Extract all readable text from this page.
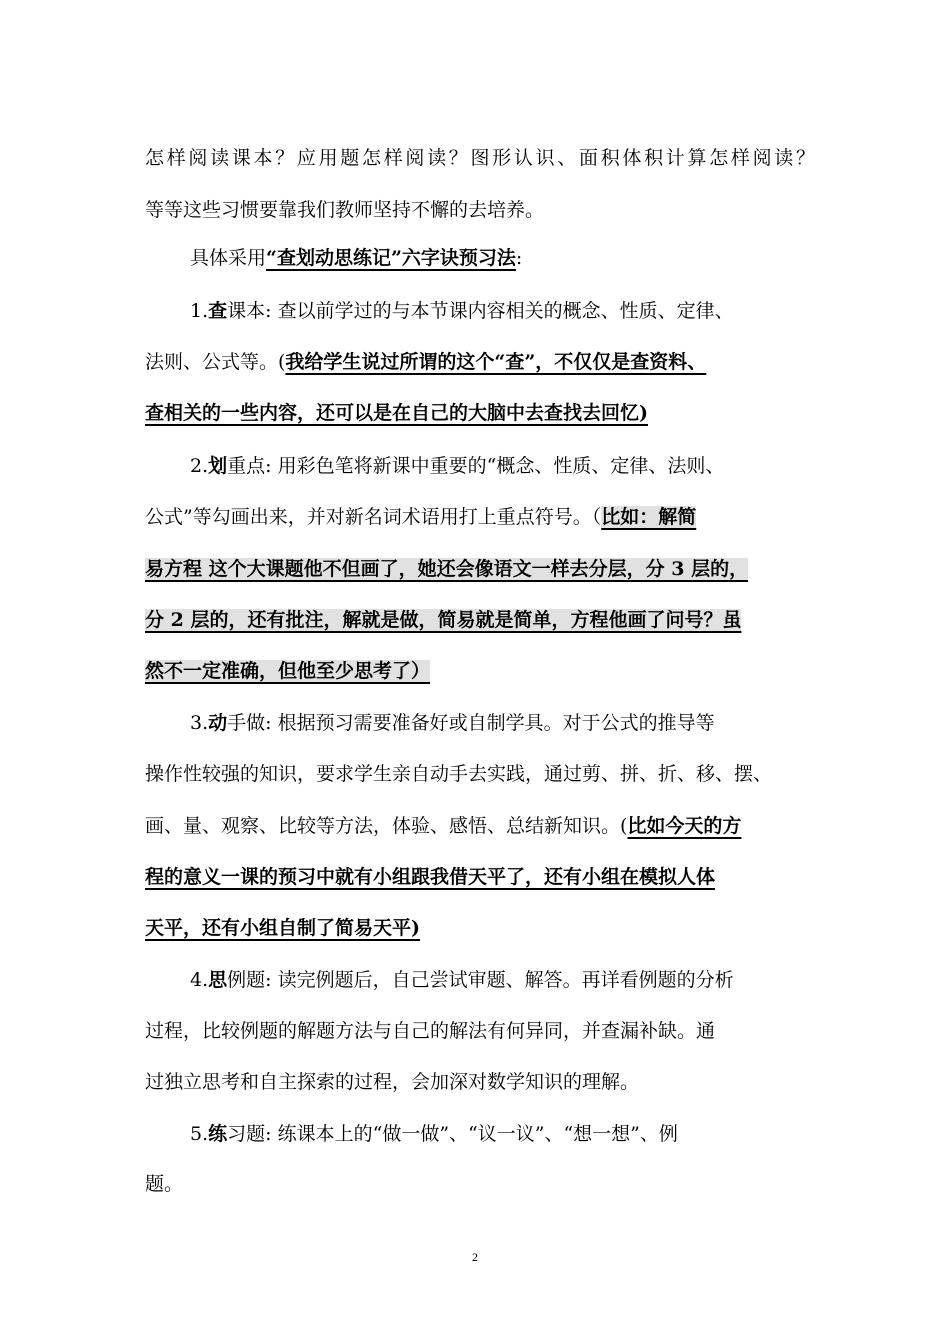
怎样阅读课本？应用题怎样阅读？图形认识、面积体积计算怎样阅读？
等等这些习惯要靠我们教师坚持不懈的去培养。
具体采用“查划动思练记”六字诀预习法:
1.查课本: 查以前学过的与本节课内容相关的概念、性质、定律、
法则、公式等。(我给学生说过所谓的这个“查”，不仅仅是查资料、
查相关的一些内容，还可以是在自己的大脑中去查找去回忆)
2.划重点: 用彩色笔将新课中重要的“概念、性质、定律、法则、
公式”等勾画出来，并对新名词术语用打上重点符号。（比如：解简
易方程 这个大课题他不但画了，她还会像语文一样去分层，分 3 层的，
分 2 层的，还有批注，解就是做，简易就是简单，方程他画了问号？虽
然不一定准确，但他至少思考了）
3.动手做: 根据预习需要准备好或自制学具。对于公式的推导等
操作性较强的知识，要求学生亲自动手去实践，通过剪、拼、折、移、摆、
画、量、观察、比较等方法，体验、感悟、总结新知识。(比如今天的方
程的意义一课的预习中就有小组跟我借天平了，还有小组在模拟人体
天平，还有小组自制了简易天平)
4.思例题: 读完例题后，自己尝试审题、解答。再详看例题的分析
过程，比较例题的解题方法与自己的解法有何异同，并查漏补缺。通
过独立思考和自主探索的过程，会加深对数学知识的理解。
5.练习题: 练课本上的“做一做”、“议一议”、“想一想”、例
题。
2
